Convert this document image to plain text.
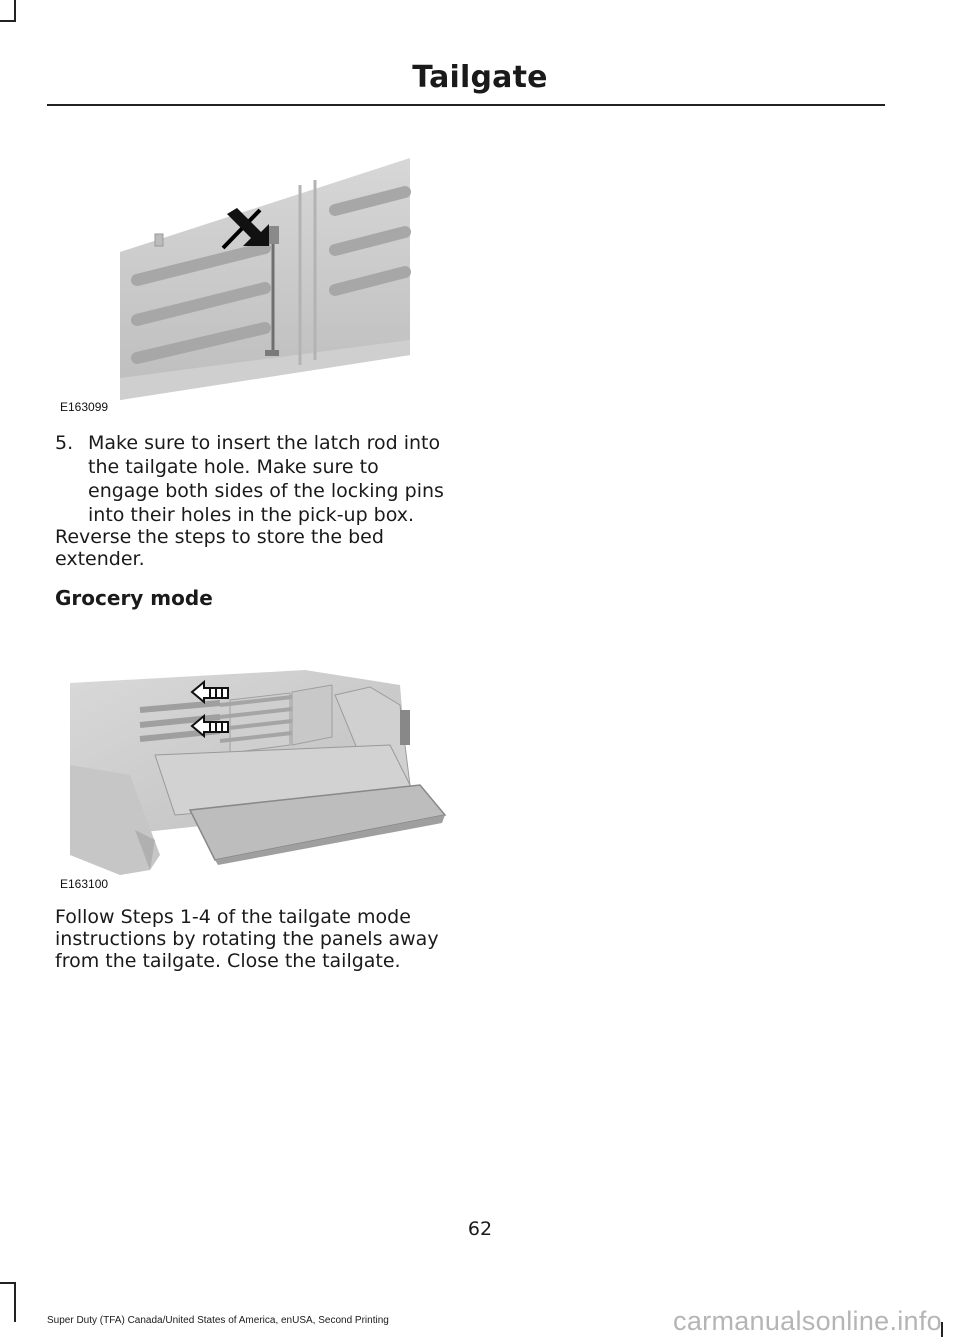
Tailgate
E163099
5. Make sure to insert the latch rod into the tailgate hole. Make sure to engage both sides of the locking pins into their holes in the pick-up box.
Reverse the steps to store the bed extender.
Grocery mode
E163100
Follow Steps 1-4 of the tailgate mode instructions by rotating the panels away from the tailgate. Close the tailgate.
62
Super Duty (TFA) Canada/United States of America, enUSA, Second Printing	carmanualsonline.info
